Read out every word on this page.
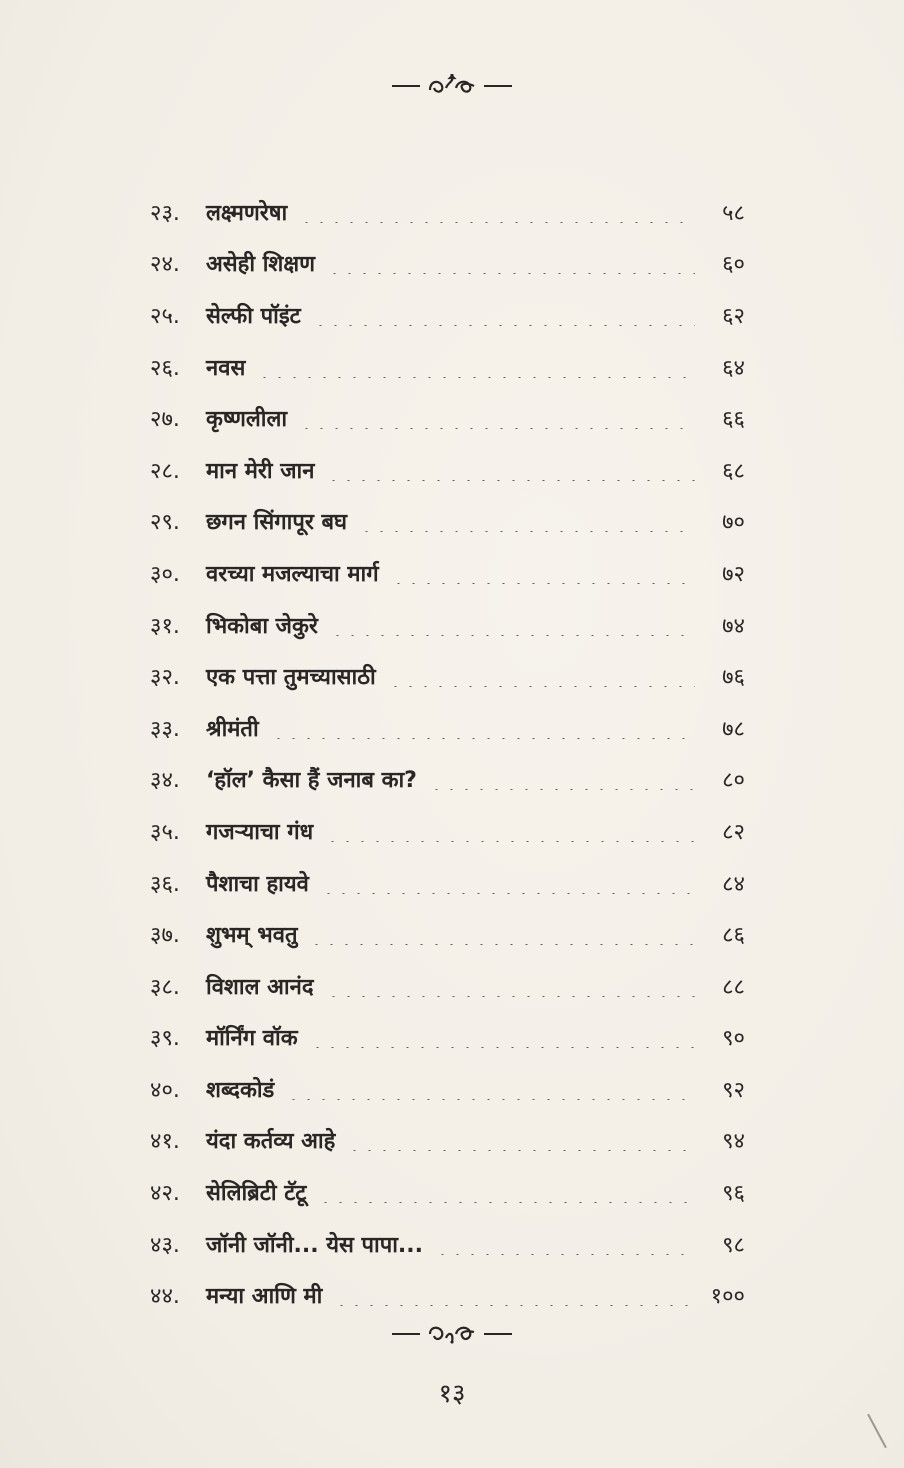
२३.	लक्ष्मणरेषा	५८
२४.	असेही शिक्षण	६०
२५.	सेल्फी पॉइंट	६२
२६.	नवस	६४
२७.	कृष्णलीला	६६
२८.	मान मेरी जान	६८
२९.	छगन सिंगापूर बघ	७०
३०.	वरच्या मजल्याचा मार्ग	७२
३१.	भिकोबा जेकुरे	७४
३२.	एक पत्ता तुमच्यासाठी	७६
३३.	श्रीमंती	७८
३४.	‘हॉल’ कैसा हैं जनाब का?	८०
३५.	गजऱ्याचा गंध	८२
३६.	पैशाचा हायवे	८४
३७.	शुभम् भवतु	८६
३८.	विशाल आनंद	८८
३९.	मॉर्निंग वॉक	९०
४०.	शब्दकोडं	९२
४१.	यंदा कर्तव्य आहे	९४
४२.	सेलिब्रिटी टॅटू	९६
४३.	जॉनी जॉनी... येस पापा...	९८
४४.	मन्या आणि मी	१००
१३
